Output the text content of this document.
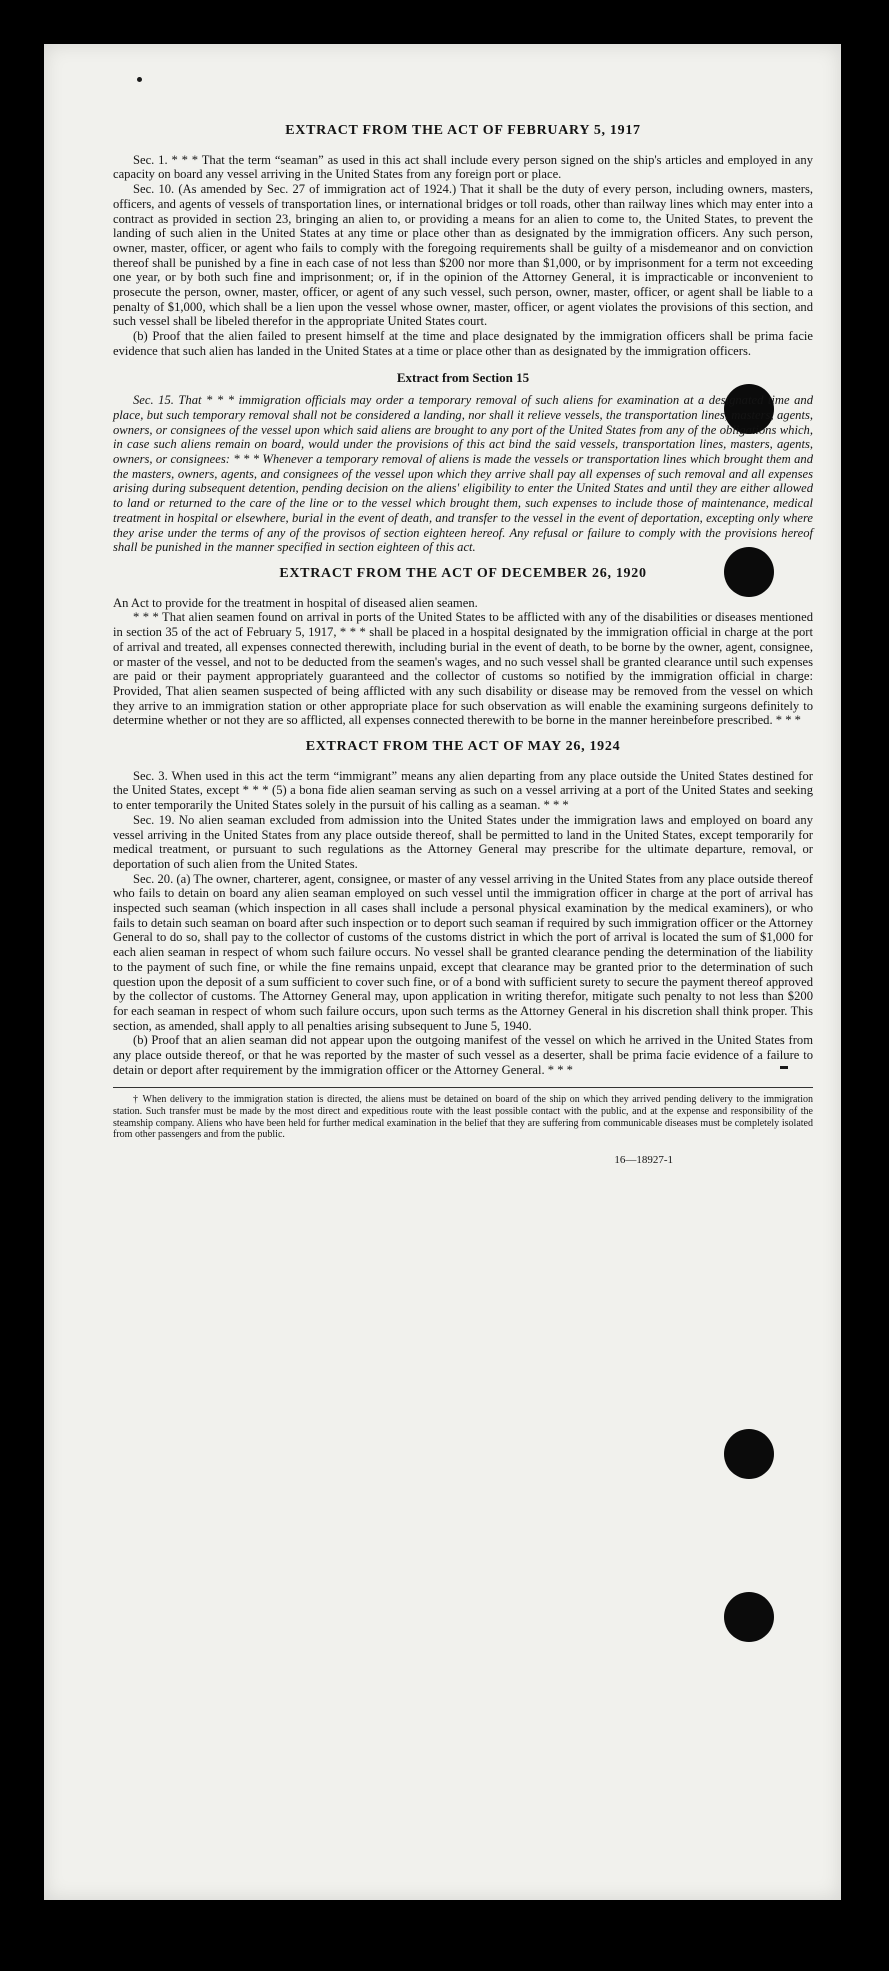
EXTRACT FROM THE ACT OF FEBRUARY 5, 1917

Sec. 1. * * * That the term “seaman” as used in this act shall include every person signed on the ship's articles and employed in any capacity on board any vessel arriving in the United States from any foreign port or place.

Sec. 10. (As amended by Sec. 27 of immigration act of 1924.) That it shall be the duty of every person, including owners, masters, officers, and agents of vessels of transportation lines, or international bridges or toll roads, other than railway lines which may enter into a contract as provided in section 23, bringing an alien to, or providing a means for an alien to come to, the United States, to prevent the landing of such alien in the United States at any time or place other than as designated by the immigration officers. Any such person, owner, master, officer, or agent who fails to comply with the foregoing requirements shall be guilty of a misdemeanor and on conviction thereof shall be punished by a fine in each case of not less than $200 nor more than $1,000, or by imprisonment for a term not exceeding one year, or by both such fine and imprisonment; or, if in the opinion of the Attorney General, it is impracticable or inconvenient to prosecute the person, owner, master, officer, or agent of any such vessel, such person, owner, master, officer, or agent shall be liable to a penalty of $1,000, which shall be a lien upon the vessel whose owner, master, officer, or agent violates the provisions of this section, and such vessel shall be libeled therefor in the appropriate United States court.

(b) Proof that the alien failed to present himself at the time and place designated by the immigration officers shall be prima facie evidence that such alien has landed in the United States at a time or place other than as designated by the immigration officers.

Extract from Section 15

Sec. 15. That * * * immigration officials may order a temporary removal of such aliens for examination at a designated time and place, but such temporary removal shall not be considered a landing, nor shall it relieve vessels, the transportation lines, masters, agents, owners, or consignees of the vessel upon which said aliens are brought to any port of the United States from any of the obligations which, in case such aliens remain on board, would under the provisions of this act bind the said vessels, transportation lines, masters, agents, owners, or consignees: * * * Whenever a temporary removal of aliens is made the vessels or transportation lines which brought them and the masters, owners, agents, and consignees of the vessel upon which they arrive shall pay all expenses of such removal and all expenses arising during subsequent detention, pending decision on the aliens' eligibility to enter the United States and until they are either allowed to land or returned to the care of the line or to the vessel which brought them, such expenses to include those of maintenance, medical treatment in hospital or elsewhere, burial in the event of death, and transfer to the vessel in the event of deportation, excepting only where they arise under the terms of any of the provisos of section eighteen hereof. Any refusal or failure to comply with the provisions hereof shall be punished in the manner specified in section eighteen of this act.

EXTRACT FROM THE ACT OF DECEMBER 26, 1920

An Act to provide for the treatment in hospital of diseased alien seamen.

* * * That alien seamen found on arrival in ports of the United States to be afflicted with any of the disabilities or diseases mentioned in section 35 of the act of February 5, 1917, * * * shall be placed in a hospital designated by the immigration official in charge at the port of arrival and treated, all expenses connected therewith, including burial in the event of death, to be borne by the owner, agent, consignee, or master of the vessel, and not to be deducted from the seamen's wages, and no such vessel shall be granted clearance until such expenses are paid or their payment appropriately guaranteed and the collector of customs so notified by the immigration official in charge: Provided, That alien seamen suspected of being afflicted with any such disability or disease may be removed from the vessel on which they arrive to an immigration station or other appropriate place for such observation as will enable the examining surgeons definitely to determine whether or not they are so afflicted, all expenses connected therewith to be borne in the manner hereinbefore prescribed. * * *

EXTRACT FROM THE ACT OF MAY 26, 1924

Sec. 3. When used in this act the term “immigrant” means any alien departing from any place outside the United States destined for the United States, except * * * (5) a bona fide alien seaman serving as such on a vessel arriving at a port of the United States and seeking to enter temporarily the United States solely in the pursuit of his calling as a seaman. * * *

Sec. 19. No alien seaman excluded from admission into the United States under the immigration laws and employed on board any vessel arriving in the United States from any place outside thereof, shall be permitted to land in the United States, except temporarily for medical treatment, or pursuant to such regulations as the Attorney General may prescribe for the ultimate departure, removal, or deportation of such alien from the United States.

Sec. 20. (a) The owner, charterer, agent, consignee, or master of any vessel arriving in the United States from any place outside thereof who fails to detain on board any alien seaman employed on such vessel until the immigration officer in charge at the port of arrival has inspected such seaman (which inspection in all cases shall include a personal physical examination by the medical examiners), or who fails to detain such seaman on board after such inspection or to deport such seaman if required by such immigration officer or the Attorney General to do so, shall pay to the collector of customs of the customs district in which the port of arrival is located the sum of $1,000 for each alien seaman in respect of whom such failure occurs. No vessel shall be granted clearance pending the determination of the liability to the payment of such fine, or while the fine remains unpaid, except that clearance may be granted prior to the determination of such question upon the deposit of a sum sufficient to cover such fine, or of a bond with sufficient surety to secure the payment thereof approved by the collector of customs. The Attorney General may, upon application in writing therefor, mitigate such penalty to not less than $200 for each seaman in respect of whom such failure occurs, upon such terms as the Attorney General in his discretion shall think proper. This section, as amended, shall apply to all penalties arising subsequent to June 5, 1940.

(b) Proof that an alien seaman did not appear upon the outgoing manifest of the vessel on which he arrived in the United States from any place outside thereof, or that he was reported by the master of such vessel as a deserter, shall be prima facie evidence of a failure to detain or deport after requirement by the immigration officer or the Attorney General. * * *

† When delivery to the immigration station is directed, the aliens must be detained on board of the ship on which they arrived pending delivery to the immigration station. Such transfer must be made by the most direct and expeditious route with the least possible contact with the public, and at the expense and responsibility of the steamship company. Aliens who have been held for further medical examination in the belief that they are suffering from communicable diseases must be completely isolated from other passengers and from the public.

16—18927-1
